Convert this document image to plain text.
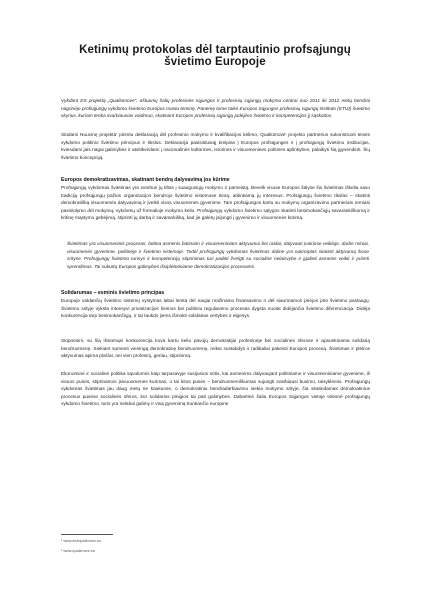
Ketinimų protokolas dėl tarptautinio profsąjungų švietimo Europoje

Vykdant ES projektą „Qualiūmove“, aštuonių šalių profesinės sąjungos ir profesinių sąjungų mokymo centrai nuo 2011 iki 2012 metų bendrai nagrinėjo profsąjungų vykdomo švietimo Europos mastu teminę. Panemę tome taikė Europos Sąjungos profesinių sąjungų instituto (ETUI) švietimo skyrius, kuriam tenka svarbiausias vaidmuo, skatinant Europos profesinių sąjungų judėjimo švietimo ir kompetencijos jį sąskaitos.

Siūdami Nuucinę projekta' priimtu deklaraciją dėl profesinio mokymo ir kvalifikacijos kėlimo, Qualiūmove' projekto partnerius sukonstruoti teisės vykdomo politinio švietimo principus ir tikslus. Deklaracija pasisiūlusiąj kreipias į Europos profsąjunges ir į profsąjungų švietimo institucijas, kviesdami jais nagai galimybės ir atsitikvėdami į nacionalinės kultūrines, istorines ir visuomenines politines aplinkybes, palaikyti šią įgyvendinti. Šių švietimo koncepciją.

Europos demokratizavimas, skatinant bendrą dalyvavimą jos kūrime

Profsąjungų vykdomas švietimas yra svarbus jų tiltas į suaugusiųjų mokymo ir pameistą. Bevelk visose Europos šalyse šis švietimas iškelia savo tradicijų profsąjungų pažios organizacijos bendrojo švietimo sistemose tiesą, atitinkamą jų interesus. Profsąjungų švietimo tikslas – skatinti demokratišką visuomenės dalyvavimą ir įveikti visos visuomenės gyvenime. Tam profsąjungos kartu su mokymų organizavimo partneriais remiasi pasisiūlymo dėl mokymų, vykdomų už formalioje mokymo kelio. Profsąjungų vykdomo švietimo sąlygos skatinti besimokančiųjų savarankiškumą ir kritinę mąstymo gebėjimą, stiprinti jų darbą ir savarankišką, kad jie galėtų įsijungti į gyvenimo ir visuomenės kūrimą.

Švietimas yra visuomeninis procesas, būtina asmenis būtinaim ir visuomeniniam aktyvumui bei raidai, dalyvauti įvairiose veikloje, darbe miniai, visuomenės gyvenime, politinėje ir švietimo sistemoje. Todėl profsąjungų vykdomas švietimas daline yra nukreiptas skatinti aktyvumą šiose srityse. Profsąjungų švietimo turinys ir kompetencijų stiprinimas turi padėti žvelgti su socialine nelaisvybe ir įgalinti asmenis veikti ir priimti sprendimus. Tai sukurtų Europos galimybės išsiplėtotiniame demokratizacijos procesams.

Solidarumas – esminis švietimo principas

Europoje valdančių švietimo sistemų vystymas labai lemta dėl naujai mažinamo finansavimo ir dėl siaurinamos priėjos prie švietimo paslaugų. Švietimo srityje vyksta intensyvi privatizacijos šeimos bei politiniu reguliavimo procesas dygsta nuolat didėjančia švietimo diferenciacija. Didėja konkurencija tarp besimokančiųjų, ir tai taukdo jiems išmokti solidarias vertybes ir elgesys.

Siūpnesini, su šią išsiūmąsi konkurencija kova kartu keliu pavojų demokratijai profesinėje bei socialinės sferose ir apsunkinama solidarią bendruomenę. Siekiant sumenti vieningą demokratinę bendruomenę, reikia sustabdyti ir radikaliai pakeisti Europos procesą. Švietimas ir plėtros aktyvumas apima plačiai, nei vien profesinį, geriau, stiprinimą.

Ekonominė ir socialinė politika sąvokomis kaip tarpusavyje susijusios sritis, kai asmenims dalyvaujant politiniame ir visuomeniniame gyvenime, iš visuos pusės, stiprinamos įsivuoomenės kurimas, o tai kitos pusės – bendruomeniškumas sujungti svarbiausi buvimo, taisyklėmis. Profsąjungų vykdomas švietimas jau daug metų ne kaukuose, o demokratiniu bendradarbiavimu siekia mokymo srityje, čia skatindamas demokratinius procesus pusėse socialinės sferos, kur solidarios pinigios tai pati galimybes. Dabartinė šalia Europos Sąjungos vietoje tolesnė profsąjungų vykdomo švietimo, turis yra nelabai galimy ir visą gyvenimą trunkančio europine

¹ www.etuiqualimove.eu
² www.qualimove.eu
